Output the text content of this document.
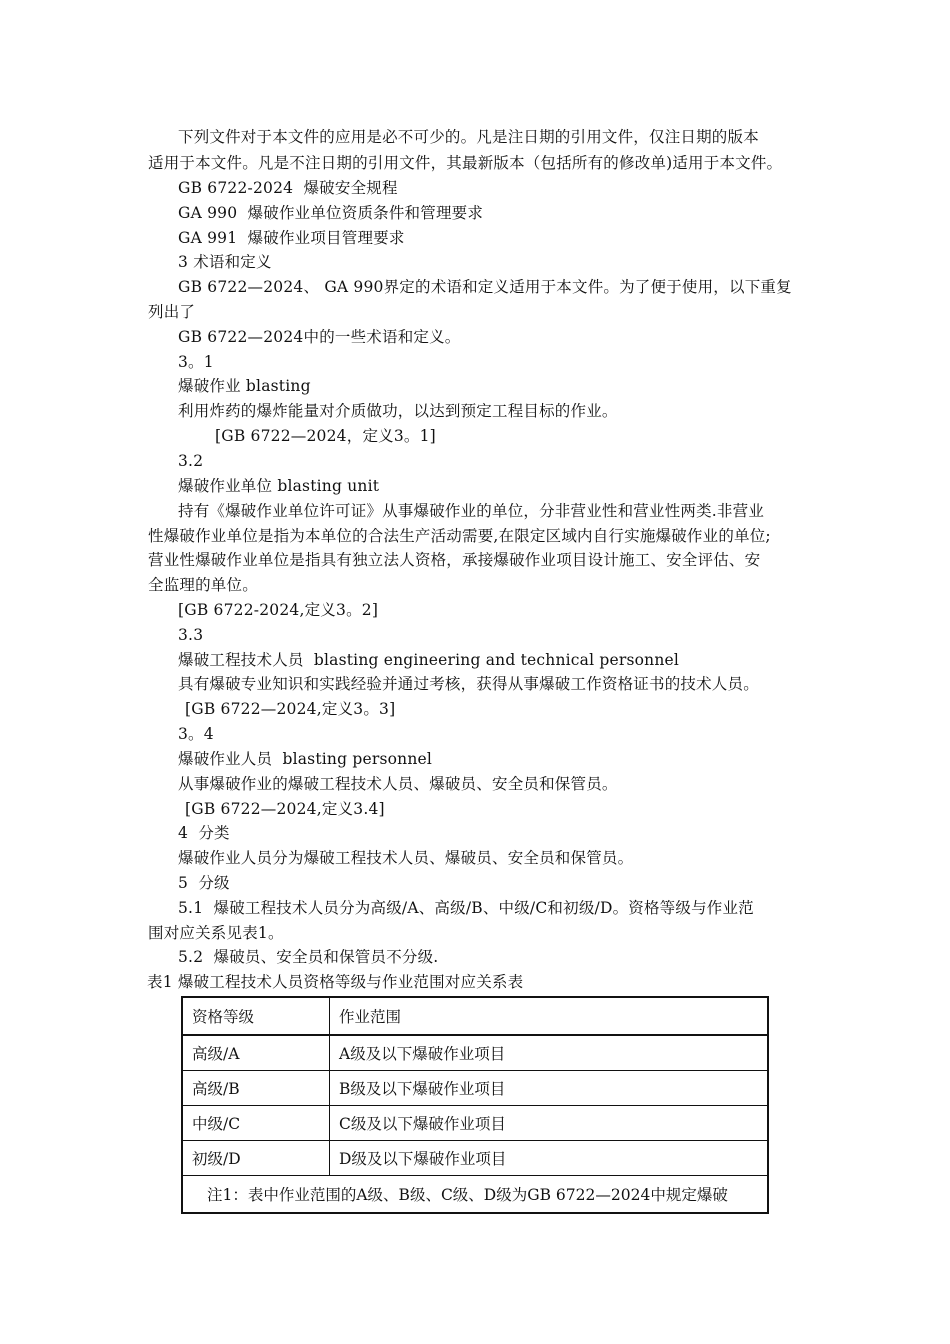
下列文件对于本文件的应用是必不可少的。凡是注日期的引用文件，仅注日期的版本
适用于本文件。凡是不注日期的引用文件，其最新版本（包括所有的修改单)适用于本文件。
GB 6722-2024  爆破安全规程
GA 990  爆破作业单位资质条件和管理要求
GA 991  爆破作业项目管理要求
3 术语和定义
GB 6722—2024、 GA 990界定的术语和定义适用于本文件。为了便于使用，以下重复
列出了
GB 6722—2024中的一些术语和定义。
3。1
爆破作业 blasting
利用炸药的爆炸能量对介质做功，以达到预定工程目标的作业。
[GB 6722—2024，定义3。1]
3.2
爆破作业单位 blasting unit
持有《爆破作业单位许可证》从事爆破作业的单位，分非营业性和营业性两类.非营业
性爆破作业单位是指为本单位的合法生产活动需要,在限定区域内自行实施爆破作业的单位;
营业性爆破作业单位是指具有独立法人资格，承接爆破作业项目设计施工、安全评估、安
全监理的单位。
[GB 6722-2024,定义3。2]
3.3
爆破工程技术人员  blasting engineering and technical personnel
具有爆破专业知识和实践经验并通过考核，获得从事爆破工作资格证书的技术人员。
[GB 6722—2024,定义3。3]
3。4
爆破作业人员  blasting personnel
从事爆破作业的爆破工程技术人员、爆破员、安全员和保管员。
[GB 6722—2024,定义3.4]
4  分类
爆破作业人员分为爆破工程技术人员、爆破员、安全员和保管员。
5  分级
5.1  爆破工程技术人员分为高级/A、高级/B、中级/C和初级/D。资格等级与作业范
围对应关系见表1。
5.2  爆破员、安全员和保管员不分级.
表1 爆破工程技术人员资格等级与作业范围对应关系表
资格等级	作业范围
高级/A	A级及以下爆破作业项目
高级/B	B级及以下爆破作业项目
中级/C	C级及以下爆破作业项目
初级/D	D级及以下爆破作业项目
注1：表中作业范围的A级、B级、C级、D级为GB 6722—2024中规定爆破	
